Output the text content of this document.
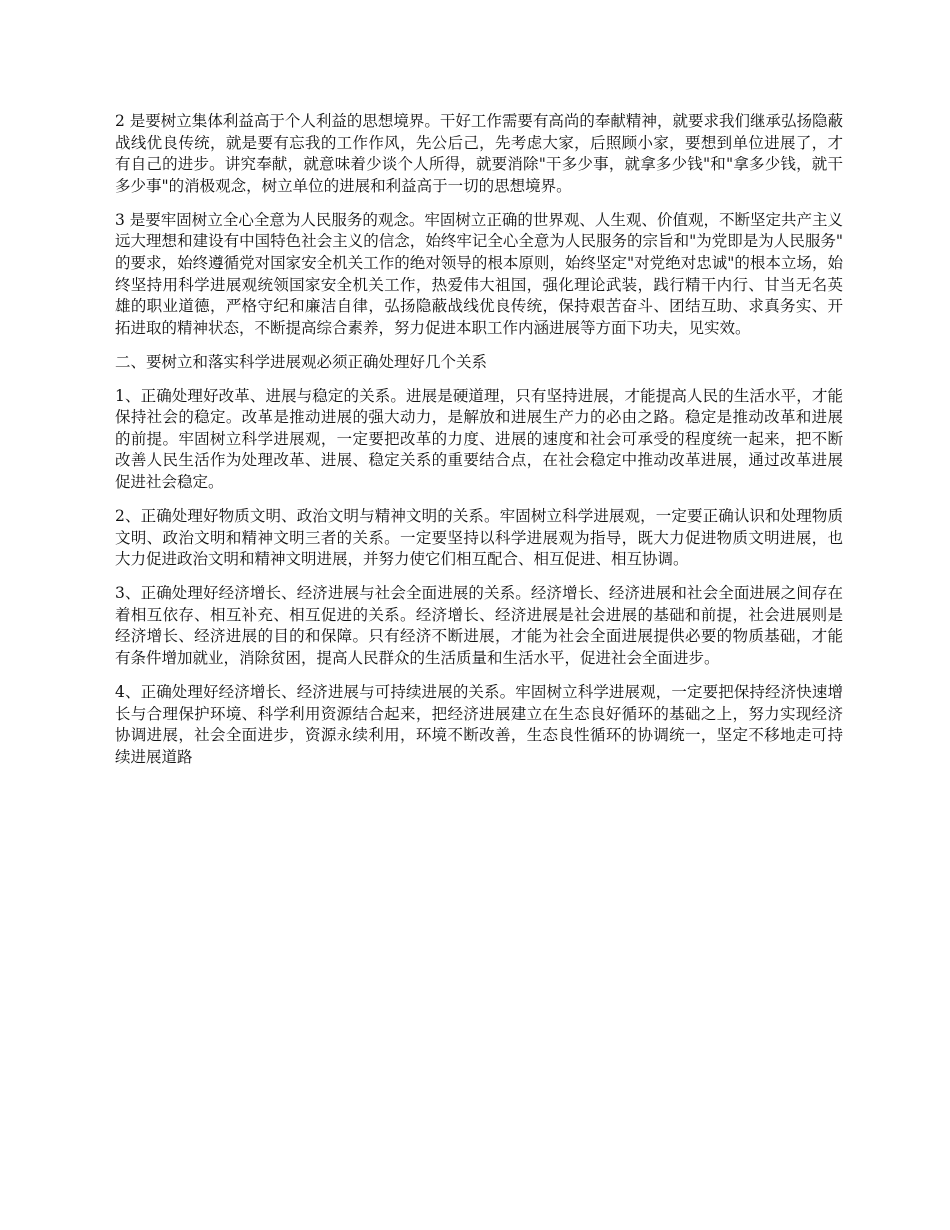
2 是要树立集体利益高于个人利益的思想境界。干好工作需要有高尚的奉献精神，就要求我们继承弘扬隐蔽战线优良传统，就是要有忘我的工作作风，先公后己，先考虑大家，后照顾小家，要想到单位进展了，才有自己的进步。讲究奉献，就意味着少谈个人所得，就要消除"干多少事，就拿多少钱"和"拿多少钱，就干多少事"的消极观念，树立单位的进展和利益高于一切的思想境界。

3 是要牢固树立全心全意为人民服务的观念。牢固树立正确的世界观、人生观、价值观，不断坚定共产主义远大理想和建设有中国特色社会主义的信念，始终牢记全心全意为人民服务的宗旨和"为党即是为人民服务"的要求，始终遵循党对国家安全机关工作的绝对领导的根本原则，始终坚定"对党绝对忠诚"的根本立场，始终坚持用科学进展观统领国家安全机关工作，热爱伟大祖国，强化理论武装，践行精干内行、甘当无名英雄的职业道德，严格守纪和廉洁自律，弘扬隐蔽战线优良传统，保持艰苦奋斗、团结互助、求真务实、开拓进取的精神状态，不断提高综合素养，努力促进本职工作内涵进展等方面下功夫，见实效。

二、要树立和落实科学进展观必须正确处理好几个关系

1、正确处理好改革、进展与稳定的关系。进展是硬道理，只有坚持进展，才能提高人民的生活水平，才能保持社会的稳定。改革是推动进展的强大动力，是解放和进展生产力的必由之路。稳定是推动改革和进展的前提。牢固树立科学进展观，一定要把改革的力度、进展的速度和社会可承受的程度统一起来，把不断改善人民生活作为处理改革、进展、稳定关系的重要结合点，在社会稳定中推动改革进展，通过改革进展促进社会稳定。

2、正确处理好物质文明、政治文明与精神文明的关系。牢固树立科学进展观，一定要正确认识和处理物质文明、政治文明和精神文明三者的关系。一定要坚持以科学进展观为指导，既大力促进物质文明进展，也大力促进政治文明和精神文明进展，并努力使它们相互配合、相互促进、相互协调。

3、正确处理好经济增长、经济进展与社会全面进展的关系。经济增长、经济进展和社会全面进展之间存在着相互依存、相互补充、相互促进的关系。经济增长、经济进展是社会进展的基础和前提，社会进展则是经济增长、经济进展的目的和保障。只有经济不断进展，才能为社会全面进展提供必要的物质基础，才能有条件增加就业，消除贫困，提高人民群众的生活质量和生活水平，促进社会全面进步。

4、正确处理好经济增长、经济进展与可持续进展的关系。牢固树立科学进展观，一定要把保持经济快速增长与合理保护环境、科学利用资源结合起来，把经济进展建立在生态良好循环的基础之上，努力实现经济协调进展，社会全面进步，资源永续利用，环境不断改善，生态良性循环的协调统一，坚定不移地走可持续进展道路
